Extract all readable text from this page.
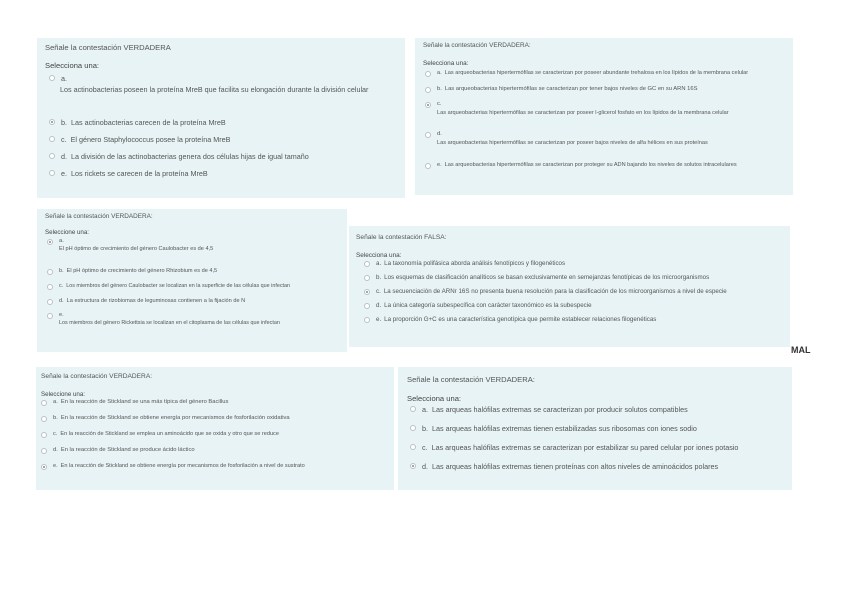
Señale la contestación VERDADERA
Selecciona una:
a.
Los actinobacterias poseen la proteína MreB que facilita su elongación durante la división celular
b. Las actinobacterias carecen de la proteína MreB
c. El género Staphylococcus posee la proteína MreB
d. La división de las actinobacterias genera dos células hijas de igual tamaño
e. Los rickets se carecen de la proteína MreB
Señale la contestación VERDADERA:
Selecciona una:
a. Las arqueobacterias hipertermófilas se caracterizan por poseer abundante trehalosa en los lípidos de la membrana celular
b. Las arqueobacterias hipertermófilas se caracterizan por tener bajos niveles de GC en su ARN 16S
c.
Las arqueobacterias hipertermófilas se caracterizan por poseer l-glicerol fosfato en los lípidos de la membrana celular
d.
Las arqueobacterias hipertermófilas se caracterizan por poseer bajos niveles de alfa hélices en sus proteínas
e. Las arqueobacterias hipertermófilas se caracterizan por proteger su ADN bajando los niveles de solutos intracelulares
Señale la contestación VERDADERA:
Seleccione una:
a.
El pH óptimo de crecimiento del género Caulobacter es de 4,5
b. El pH óptimo de crecimiento del género Rhizobium es de 4,5
c. Los miembros del género Caulobacter se localizan en la superficie de las células que infectan
d. La estructura de rizobiomas de leguminosas contienen a la fijación de N
e.
Los miembros del género Rickettsia se localizan en el citoplasma de las células que infectan
Señale la contestación FALSA:
Selecciona una:
a. La taxonomía polifásica aborda análisis fenotípicos y filogenéticos
b. Los esquemas de clasificación analíticos se basan exclusivamente en semejanzas fenotípicas de los microorganismos
c. La secuenciación de ARNr 16S no presenta buena resolución para la clasificación de los microorganismos a nivel de especie
d. La única categoría subespecífica con carácter taxonómico es la subespecie
e. La proporción G+C es una característica genotípica que permite establecer relaciones filogenéticas
MAL
Señale la contestación VERDADERA:
Seleccione una:
a. En la reacción de Stickland se una más típica del género Bacillus
b. En la reacción de Stickland se obtiene energía por mecanismos de fosforilación oxidativa
c. En la reacción de Stickland se emplea un aminoácido que se oxida y otro que se reduce
d. En la reacción de Stickland se produce ácido láctico
e. En la reacción de Stickland se obtiene energía por mecanismos de fosforilación a nivel de sustrato
Señale la contestación VERDADERA:
Selecciona una:
a. Las arqueas halófilas extremas se caracterizan por producir solutos compatibles
b. Las arqueas halófilas extremas tienen estabilizadas sus ribosomas con iones sodio
c. Las arqueas halófilas extremas se caracterizan por estabilizar su pared celular por iones potasio
d. Las arqueas halófilas extremas tienen proteínas con altos niveles de aminoácidos polares
